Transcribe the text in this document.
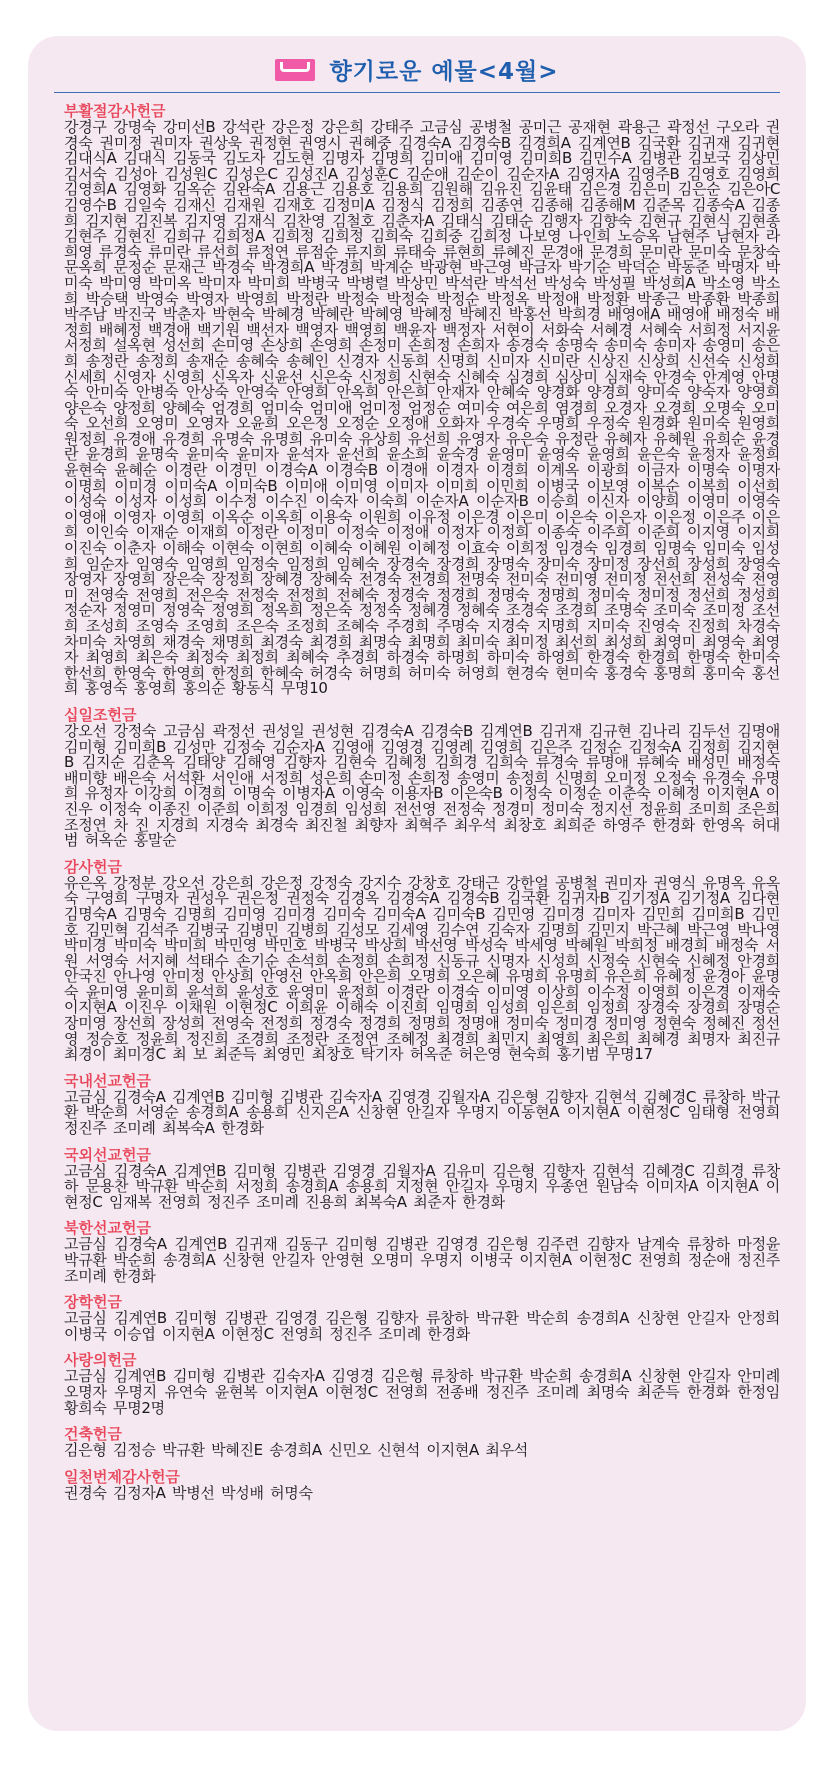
향기로운 예물<4월>
부활절감사헌금
강경구 강명숙 강미선B 강석란 강은정 강은희 강태주 고금심 공병철 공미근 공재현 곽용근 곽정선 구오라 권경숙 권미정 권미자 권상욱 권정현 권영시 권혜중 김경숙A 김경숙B 김경희A 김계연B 김국환 김귀재 김귀현 김대식A 김대식 김동국 김도자 김도현 김명자 김명희 김미애 김미영 김미희B 김민수A 김병관 김보국 김상민 김서숙 김성아 김성원C 김성은C 김성진A 김성훈C 김순애 김순이 김순자A 김영자A 김영주B 김영호 김영희 김영희A 김영화 김옥순 김완숙A 김용근 김용호 김용희 김원해 김유진 김윤태 김은경 김은미 김은순 김은아C 김영수B 김일숙 김재신 김재원 김재호 김정미A 김정식 김정희 김종연 김종해 김종해M 김준목 김종숙A 김종희 김지현 김진복 김지영 김재식 김찬영 김철호 김춘자A 김태식 김태순 김행자 김향숙 김현규 김현식 김현종 김현주 김현진 김희규 김희정A 김희정 김희정 김희숙 김희중 김희정 나보영 나인희 노승옥 남현주 남현자 라희영 류경숙 류미란 류선희 류정연 류점순 류지희 류태숙 류현희 류혜진 문경애 문경희 문미란 문미숙 문창숙 문옥희 문정순 문재근 박경숙 박경희A 박경희 박계순 박광현 박근영 박금자 박기순 박덕순 박동준 박명자 박미숙 박미영 박미옥 박미자 박미희 박병국 박병렬 박상민 박석란 박석선 박성숙 박성필 박성희A 박소영 박소희 박승택 박영숙 박영자 박영희 박정란 박정숙 박정숙 박정순 박정옥 박정애 박정환 박종근 박종환 박종희 박주남 박진국 박춘자 박현숙 박혜경 박혜란 박혜영 박혜정 박혜진 박홍선 박희경 배영애A 배영애 배정숙 배정희 배혜정 백경애 백기원 백선자 백영자 백영희 백윤자 백정자 서현이 서화숙 서혜경 서혜숙 서희정 서지윤 서정희 설옥현 성선희 손미영 손상희 손영희 손정미 손희정 손희자 송경숙 송명숙 송미숙 송미자 송영미 송은희 송정란 송정희 송재순 송혜숙 송혜인 신경자 신동희 신명희 신미자 신미란 신상진 신상희 신선숙 신성희 신세희 신영자 신영희 신옥자 신윤선 신은숙 신정희 신현숙 신혜숙 심경희 심상미 심재숙 안경숙 안계영 안명숙 안미숙 안병숙 안상숙 안영숙 안영희 안옥희 안은희 안재자 안혜숙 양경화 양경희 양미숙 양숙자 양영희 양은숙 양정희 양혜숙 엄경희 엄미숙 엄미애 엄미정 엄정순 여미숙 여은희 염경희 오경자 오경희 오명숙 오미숙 오선희 오영미 오영자 오윤희 오은정 오정순 오정애 오화자 우경숙 우명희 우정숙 원경화 원미숙 원영희 원정희 유경애 유경희 유명숙 유명희 유미숙 유상희 유선희 유영자 유은숙 유정란 유혜자 유혜원 유희순 윤경란 윤경희 윤명숙 윤미숙 윤미자 윤석자 윤선희 윤소희 윤숙경 윤영미 윤영숙 윤영희 윤은숙 윤정자 윤정희 윤현숙 윤혜순 이경란 이경민 이경숙A 이경숙B 이경애 이경자 이경희 이계옥 이광희 이금자 이명숙 이명자 이명희 이미경 이미숙A 이미숙B 이미애 이미영 이미자 이미희 이민희 이병국 이보영 이복순 이복희 이선희 이성숙 이성자 이성희 이수정 이수진 이숙자 이숙희 이순자A 이순자B 이승희 이신자 이양희 이영미 이영숙 이영애 이영자 이영희 이옥순 이옥희 이용숙 이원희 이유정 이은경 이은미 이은숙 이은자 이은정 이은주 이은희 이인숙 이재순 이재희 이정란 이정미 이정숙 이정애 이정자 이정희 이종숙 이주희 이준희 이지영 이지희 이진숙 이춘자 이해숙 이현숙 이현희 이혜숙 이혜원 이혜정 이효숙 이희정 임경숙 임경희 임명숙 임미숙 임성희 임순자 임영숙 임영희 임정숙 임정희 임혜숙 장경숙 장경희 장명숙 장미숙 장미정 장선희 장성희 장영숙 장영자 장영희 장은숙 장정희 장혜경 장혜숙 전경숙 전경희 전명숙 전미숙 전미영 전미정 전선희 전성숙 전영미 전영숙 전영희 전은숙 전정숙 전정희 전혜숙 정경숙 정경희 정명숙 정명희 정미숙 정미정 정선희 정성희 정순자 정영미 정영숙 정영희 정옥희 정은숙 정정숙 정혜경 정혜숙 조경숙 조경희 조명숙 조미숙 조미정 조선희 조성희 조영숙 조영희 조은숙 조정희 조혜숙 주경희 주명숙 지경숙 지명희 지미숙 진영숙 진정희 차경숙 차미숙 차영희 채경숙 채명희 최경숙 최경희 최명숙 최명희 최미숙 최미정 최선희 최성희 최영미 최영숙 최영자 최영희 최은숙 최정숙 최정희 최혜숙 추경희 하경숙 하명희 하미숙 하영희 한경숙 한경희 한명숙 한미숙 한선희 한영숙 한영희 한정희 한혜숙 허경숙 허명희 허미숙 허영희 현경숙 현미숙 홍경숙 홍명희 홍미숙 홍선희 홍영숙 홍영희 홍의순 황동식 무명10
십일조헌금
강오선 강정숙 고금심 곽정선 권성일 권성현 김경숙A 김경숙B 김계연B 김귀재 김규현 김나리 김두선 김명애 김미형 김미희B 김성만 김정숙 김순자A 김영애 김영경 김영례 김영희 김은주 김정순 김정숙A 김정희 김지현B 김지순 김춘옥 김태양 김해영 김향자 김현숙 김혜정 김희경 김희숙 류경숙 류명애 류혜숙 배성민 배정숙 배미향 배은숙 서석환 서인애 서정희 성은희 손미정 손희정 송영미 송정희 신명희 오미정 오정숙 유경숙 유명희 유정자 이강희 이경희 이명숙 이병자A 이영숙 이용자B 이은숙B 이정숙 이정순 이춘숙 이혜정 이지현A 이진우 이정숙 이종진 이준희 이희정 임경희 임성희 전선영 전정숙 정경미 정미숙 정지선 정윤희 조미희 조은희 조정연 차 진 지경희 지경숙 최경숙 최진철 최향자 최혁주 최우석 최창호 최희준 하영주 한경화 한영옥 허대범 허옥순 홍말순
감사헌금
유은옥 강정분 강오선 강은희 강은정 강정숙 강지수 강창호 강태근 강한얼 공병철 권미자 권영식 유명옥 유옥숙 구영희 구명자 권성우 권은정 권정숙 김경옥 김경숙A 김경숙B 김국환 김귀자B 김기정A 김기정A 김다현 김명숙A 김명숙 김명희 김미영 김미경 김미숙 김미숙A 김미숙B 김민영 김미경 김미자 김민희 김미희B 김민호 김민혁 김석주 김병국 김병민 김병희 김성모 김세영 김수연 김숙자 김명희 김민지 박근혜 박근영 박나영 박미경 박미숙 박미희 박민영 박민호 박병국 박상희 박선영 박성숙 박세영 박혜원 박희정 배경희 배정숙 서 원 서영숙 서지혜 석태수 손기순 손석희 손정희 손희정 신동규 신명자 신성희 신정숙 신현숙 신혜정 안경희 안국진 안나영 안미정 안상희 안영선 안옥희 안은희 오명희 오은혜 유명희 유명희 유은희 유혜정 윤경아 윤명숙 윤미영 윤미희 윤석희 윤성호 윤영미 윤정희 이경란 이경숙 이미영 이상희 이수정 이영희 이은경 이재숙 이지현A 이진우 이채원 이현정C 이희윤 이해숙 이진희 임명희 임성희 임은희 임정희 장경숙 장경희 장명순 장미영 장선희 장성희 전영숙 전정희 정경숙 정경희 정명희 정명애 정미숙 정미경 정미영 정현숙 정혜진 정선영 정승호 정윤희 정진희 조경희 조정란 조정연 조혜정 최경희 최민지 최영희 최은희 최혜경 최명자 최진규 최경이 최미경C 최 보 최준득 최영민 최창호 탁기자 허옥준 허은영 현숙희 홍기범 무명17
국내선교헌금
고금심 김경숙A 김계연B 김미형 김병관 김숙자A 김영경 김월자A 김은형 김향자 김현석 김혜경C 류창하 박규환 박순희 서영순 송경희A 송용희 신지은A 신창현 안길자 우명지 이동현A 이지현A 이현정C 임태형 전영희 정진주 조미례 최복숙A 한경화
국외선교헌금
고금심 김경숙A 김계연B 김미형 김병관 김영경 김월자A 김유미 김은형 김향자 김현석 김혜경C 김희경 류창하 문용찬 박규환 박순희 서정희 송경희A 송용희 지정현 안길자 우명지 우종연 원남숙 이미자A 이지현A 이현정C 임재복 전영희 정진주 조미례 진용희 최복숙A 최준자 한경화
북한선교헌금
고금심 김경숙A 김계연B 김귀재 김동구 김미형 김병관 김영경 김은형 김주련 김향자 남계숙 류창하 마정윤 박규환 박순희 송경희A 신창현 안길자 안영현 오명미 우명지 이병국 이지현A 이현정C 전영희 정순애 정진주 조미례 한경화
장학헌금
고금심 김계연B 김미형 김병관 김영경 김은형 김향자 류창하 박규환 박순희 송경희A 신창현 안길자 안정희 이병국 이승엽 이지현A 이현정C 전영희 정진주 조미례 한경화
사랑의헌금
고금심 김계연B 김미형 김병관 김숙자A 김영경 김은형 류창하 박규환 박순희 송경희A 신창현 안길자 안미례 오명자 우명지 유연숙 윤현복 이지현A 이현정C 전영희 전종배 정진주 조미례 최명숙 최준득 한경화 한정임 황희숙 무명2명
건축헌금
김은형 김정승 박규환 박혜진E 송경희A 신민오 신현석 이지현A 최우석
일천번제감사헌금
권경숙 김정자A 박병선 박성배 허명숙
